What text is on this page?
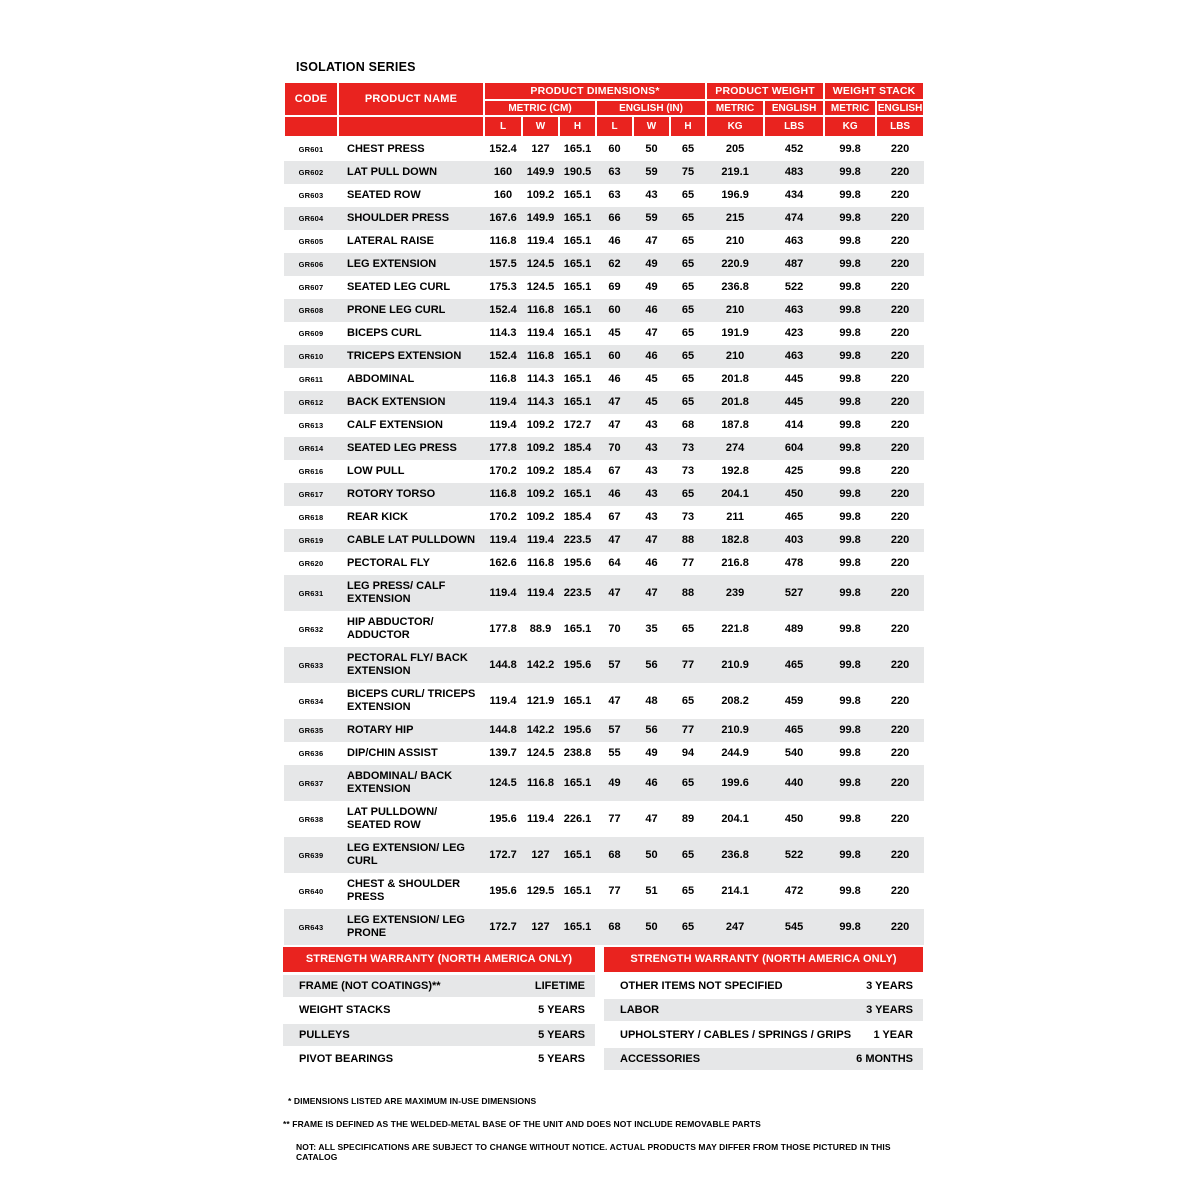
ISOLATION SERIES
CODE	PRODUCT NAME	PRODUCT DIMENSIONS*						PRODUCT WEIGHT		WEIGHT STACK	
		METRIC (CM)			ENGLISH (IN)			METRIC	ENGLISH	METRIC	ENGLISH
		L	W	H	L	W	H	KG	LBS	KG	LBS
GR601	CHEST PRESS	152.4	127	165.1	60	50	65	205	452	99.8	220
GR602	LAT PULL DOWN	160	149.9	190.5	63	59	75	219.1	483	99.8	220
GR603	SEATED ROW	160	109.2	165.1	63	43	65	196.9	434	99.8	220
GR604	SHOULDER PRESS	167.6	149.9	165.1	66	59	65	215	474	99.8	220
GR605	LATERAL RAISE	116.8	119.4	165.1	46	47	65	210	463	99.8	220
GR606	LEG EXTENSION	157.5	124.5	165.1	62	49	65	220.9	487	99.8	220
GR607	SEATED LEG CURL	175.3	124.5	165.1	69	49	65	236.8	522	99.8	220
GR608	PRONE LEG CURL	152.4	116.8	165.1	60	46	65	210	463	99.8	220
GR609	BICEPS CURL	114.3	119.4	165.1	45	47	65	191.9	423	99.8	220
GR610	TRICEPS EXTENSION	152.4	116.8	165.1	60	46	65	210	463	99.8	220
GR611	ABDOMINAL	116.8	114.3	165.1	46	45	65	201.8	445	99.8	220
GR612	BACK EXTENSION	119.4	114.3	165.1	47	45	65	201.8	445	99.8	220
GR613	CALF EXTENSION	119.4	109.2	172.7	47	43	68	187.8	414	99.8	220
GR614	SEATED LEG PRESS	177.8	109.2	185.4	70	43	73	274	604	99.8	220
GR616	LOW PULL	170.2	109.2	185.4	67	43	73	192.8	425	99.8	220
GR617	ROTORY TORSO	116.8	109.2	165.1	46	43	65	204.1	450	99.8	220
GR618	REAR KICK	170.2	109.2	185.4	67	43	73	211	465	99.8	220
GR619	CABLE LAT PULLDOWN	119.4	119.4	223.5	47	47	88	182.8	403	99.8	220
GR620	PECTORAL FLY	162.6	116.8	195.6	64	46	77	216.8	478	99.8	220
GR631	LEG PRESS/ CALF EXTENSION	119.4	119.4	223.5	47	47	88	239	527	99.8	220
GR632	HIP ABDUCTOR/ ADDUCTOR	177.8	88.9	165.1	70	35	65	221.8	489	99.8	220
GR633	PECTORAL FLY/ BACK EXTENSION	144.8	142.2	195.6	57	56	77	210.9	465	99.8	220
GR634	BICEPS CURL/ TRICEPS EXTENSION	119.4	121.9	165.1	47	48	65	208.2	459	99.8	220
GR635	ROTARY HIP	144.8	142.2	195.6	57	56	77	210.9	465	99.8	220
GR636	DIP/CHIN ASSIST	139.7	124.5	238.8	55	49	94	244.9	540	99.8	220
GR637	ABDOMINAL/ BACK EXTENSION	124.5	116.8	165.1	49	46	65	199.6	440	99.8	220
GR638	LAT PULLDOWN/ SEATED ROW	195.6	119.4	226.1	77	47	89	204.1	450	99.8	220
GR639	LEG EXTENSION/ LEG CURL	172.7	127	165.1	68	50	65	236.8	522	99.8	220
GR640	CHEST & SHOULDER PRESS	195.6	129.5	165.1	77	51	65	214.1	472	99.8	220
GR643	LEG EXTENSION/ LEG PRONE	172.7	127	165.1	68	50	65	247	545	99.8	220
STRENGTH WARRANTY (NORTH AMERICA ONLY)
FRAME (NOT COATINGS)**	LIFETIME
WEIGHT STACKS	5 YEARS
PULLEYS	5 YEARS
PIVOT BEARINGS	5 YEARS
STRENGTH WARRANTY (NORTH AMERICA ONLY)
OTHER ITEMS NOT SPECIFIED	3 YEARS
LABOR	3 YEARS
UPHOLSTERY / CABLES / SPRINGS / GRIPS 1 YEAR
ACCESSORIES	6 MONTHS

* DIMENSIONS LISTED ARE MAXIMUM IN-USE DIMENSIONS

** FRAME IS DEFINED AS THE WELDED-METAL BASE OF THE UNIT AND DOES NOT INCLUDE REMOVABLE PARTS

NOT: ALL SPECIFICATIONS ARE SUBJECT TO CHANGE WITHOUT NOTICE. ACTUAL PRODUCTS MAY DIFFER FROM THOSE PICTURED IN THIS CATALOG
